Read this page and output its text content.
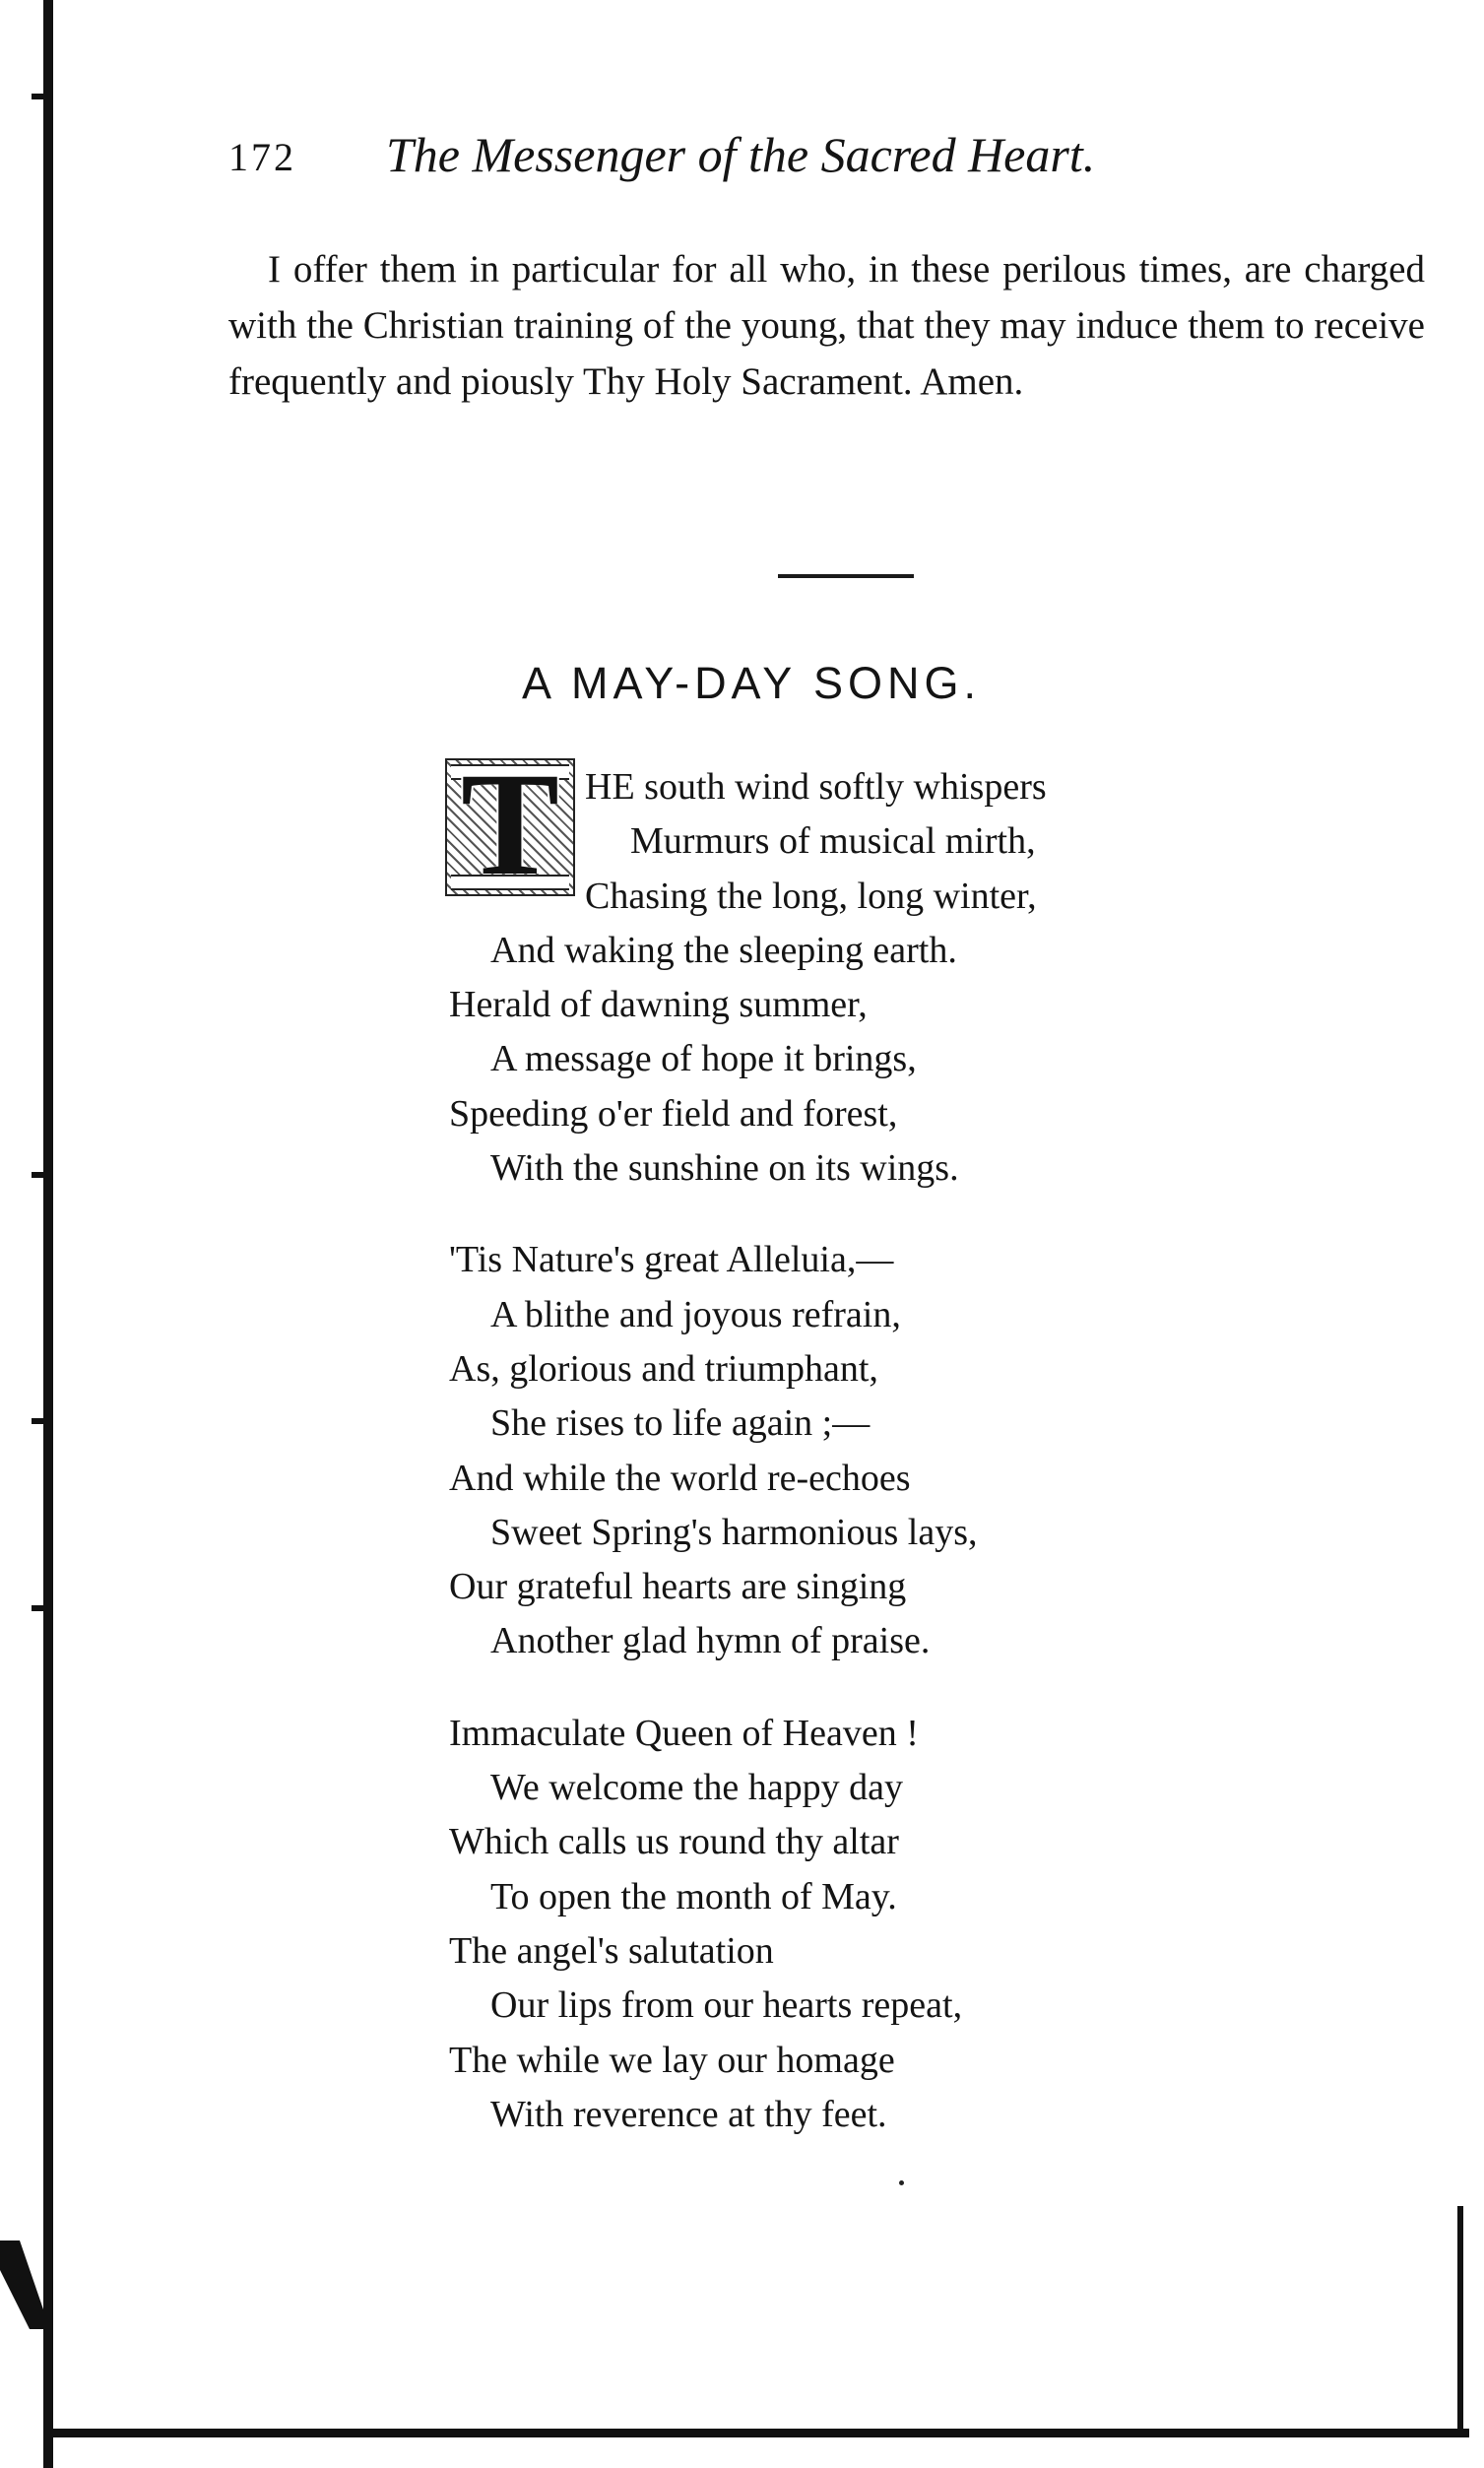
172 The Messenger of the Sacred Heart.

I offer them in particular for all who, in these perilous times, are charged with the Christian training of the young, that they may induce them to receive frequently and piously Thy Holy Sacrament. Amen.

A MAY-DAY SONG.
T HE south wind softly whispers
Murmurs of musical mirth,
Chasing the long, long winter,
And waking the sleeping earth.
Herald of dawning summer,
A message of hope it brings,
Speeding o'er field and forest,
With the sunshine on its wings.
'Tis Nature's great Alleluia,—
A blithe and joyous refrain,
As, glorious and triumphant,
She rises to life again ;—
And while the world re-echoes
Sweet Spring's harmonious lays,
Our grateful hearts are singing
Another glad hymn of praise.
Immaculate Queen of Heaven !
We welcome the happy day
Which calls us round thy altar
To open the month of May.
The angel's salutation
Our lips from our hearts repeat,
The while we lay our homage
With reverence at thy feet.
